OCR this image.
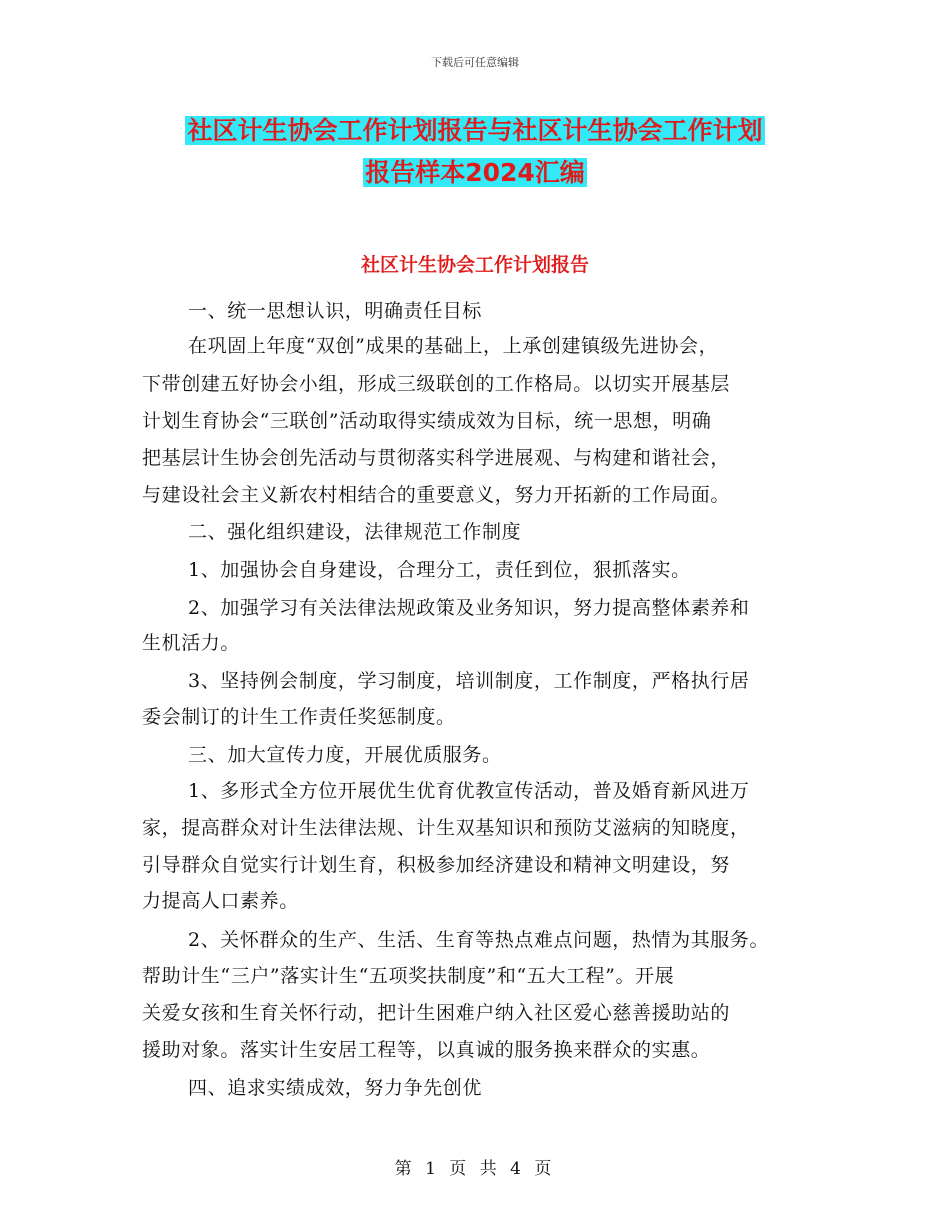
下载后可任意编辑
社区计生协会工作计划报告与社区计生协会工作计划
报告样本2024汇编
社区计生协会工作计划报告
一、统一思想认识，明确责任目标
在巩固上年度“双创”成果的基础上，上承创建镇级先进协会，
下带创建五好协会小组，形成三级联创的工作格局。以切实开展基层
计划生育协会“三联创”活动取得实绩成效为目标，统一思想，明确
把基层计生协会创先活动与贯彻落实科学进展观、与构建和谐社会，
与建设社会主义新农村相结合的重要意义，努力开拓新的工作局面。
二、强化组织建设，法律规范工作制度
1、加强协会自身建设，合理分工，责任到位，狠抓落实。
2、加强学习有关法律法规政策及业务知识，努力提高整体素养和
生机活力。
3、坚持例会制度，学习制度，培训制度，工作制度，严格执行居
委会制订的计生工作责任奖惩制度。
三、加大宣传力度，开展优质服务。
1、多形式全方位开展优生优育优教宣传活动，普及婚育新风进万
家，提高群众对计生法律法规、计生双基知识和预防艾滋病的知晓度，
引导群众自觉实行计划生育，积极参加经济建设和精神文明建设，努
力提高人口素养。
2、关怀群众的生产、生活、生育等热点难点问题，热情为其服务。
帮助计生“三户”落实计生“五项奖扶制度”和“五大工程”。开展
关爱女孩和生育关怀行动，把计生困难户纳入社区爱心慈善援助站的
援助对象。落实计生安居工程等，以真诚的服务换来群众的实惠。
四、追求实绩成效，努力争先创优
第 1 页 共 4 页
